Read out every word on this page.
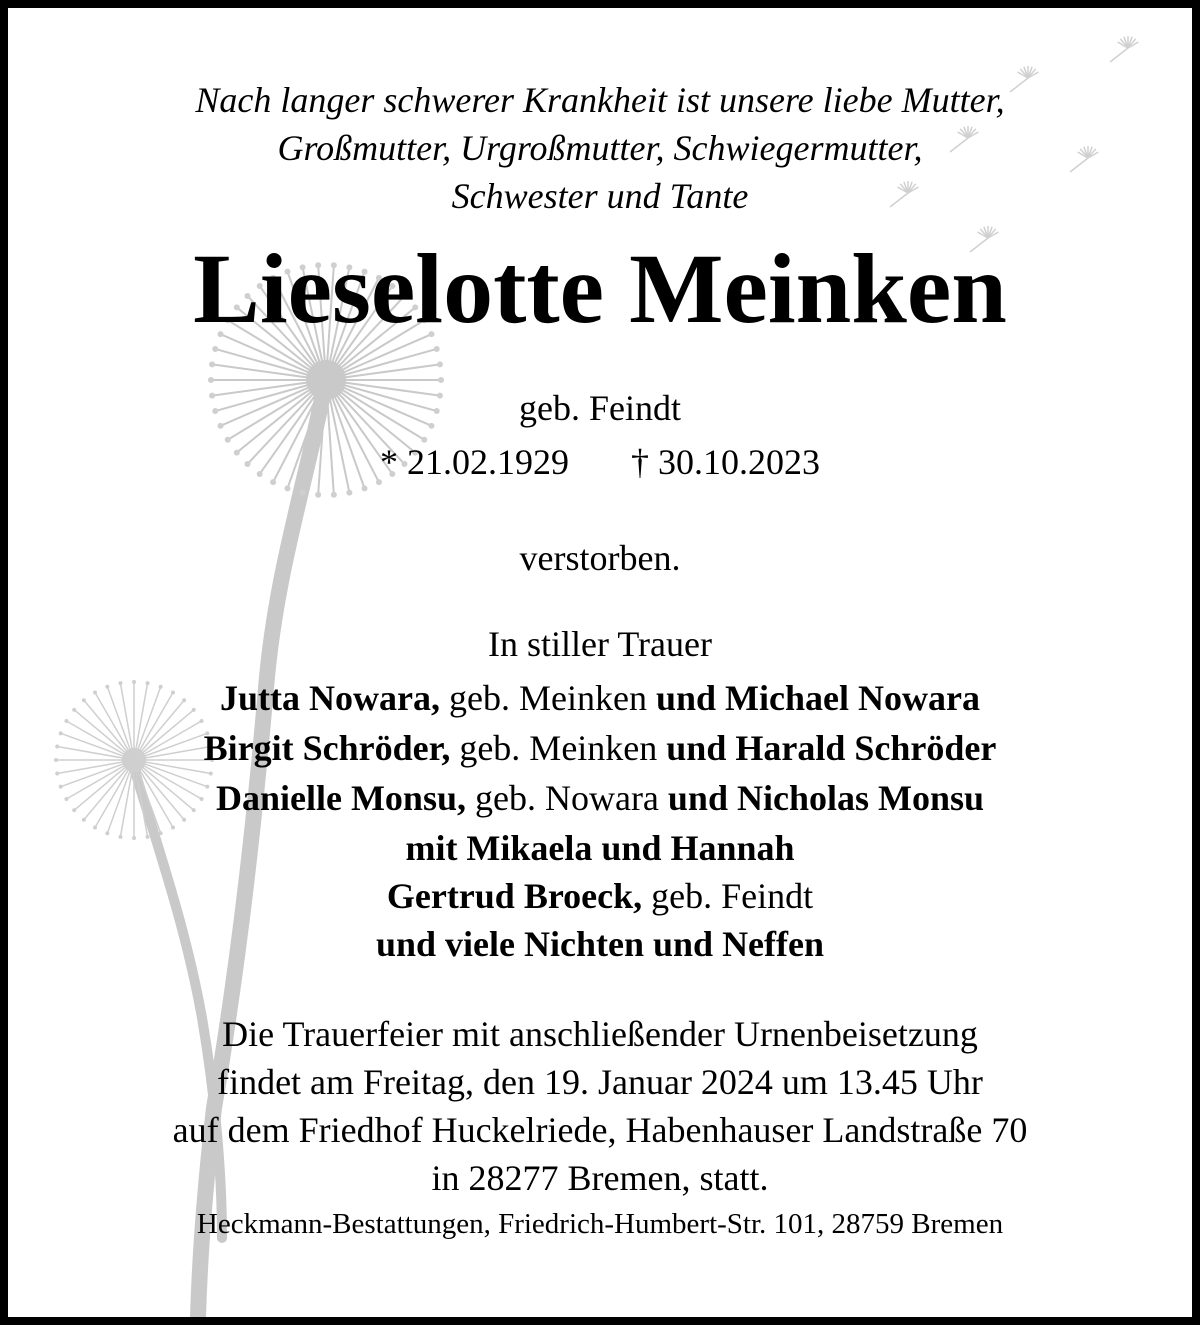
Nach langer schwerer Krankheit ist unsere liebe Mutter,
Großmutter, Urgroßmutter, Schwiegermutter,
Schwester und Tante
Lieselotte Meinken
geb. Feindt
* 21.02.1929 † 30.10.2023
verstorben.
In stiller Trauer
Jutta Nowara, geb. Meinken und Michael Nowara
Birgit Schröder, geb. Meinken und Harald Schröder
Danielle Monsu, geb. Nowara und Nicholas Monsu
mit Mikaela und Hannah
Gertrud Broeck, geb. Feindt
und viele Nichten und Neffen
Die Trauerfeier mit anschließender Urnenbeisetzung
findet am Freitag, den 19. Januar 2024 um 13.45 Uhr
auf dem Friedhof Huckelriede, Habenhauser Landstraße 70
in 28277 Bremen, statt.
Heckmann-Bestattungen, Friedrich-Humbert-Str. 101, 28759 Bremen
